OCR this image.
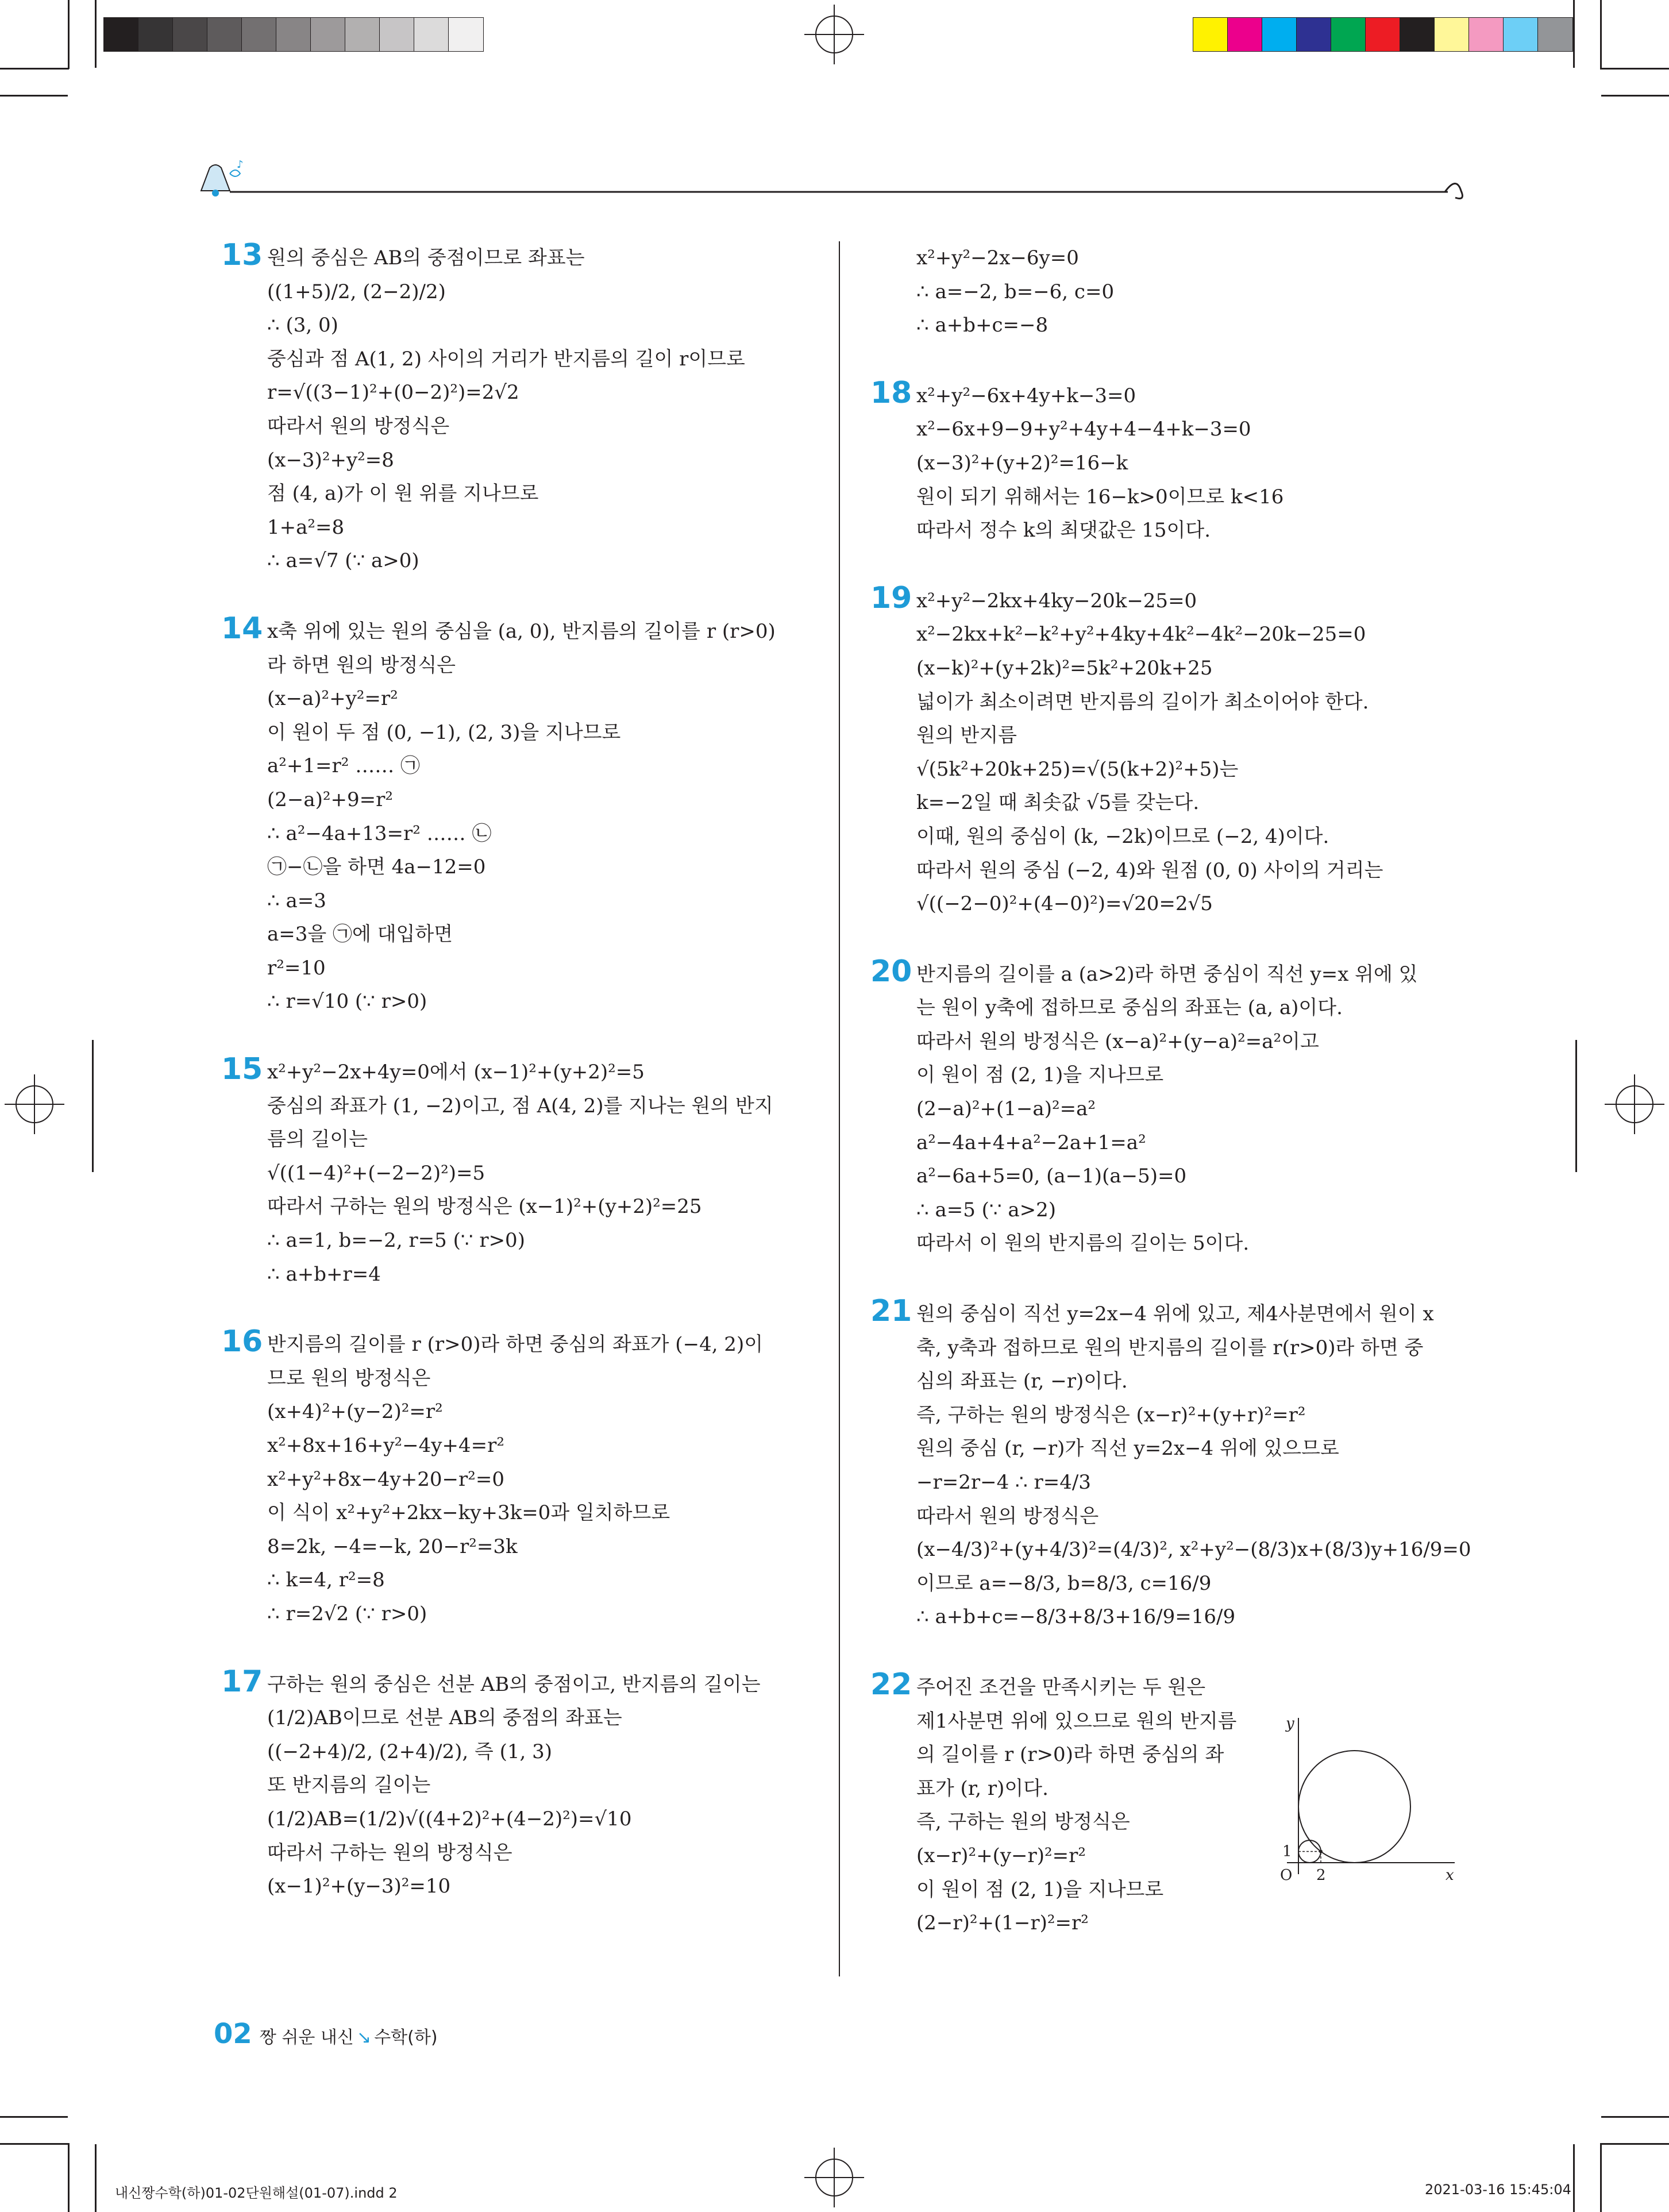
♪
13 원의 중심은 AB의 중점이므로 좌표는
((1+5)/2, (2−2)/2)
∴ (3, 0)
중심과 점 A(1, 2) 사이의 거리가 반지름의 길이 r이므로
r=√((3−1)²+(0−2)²)=2√2
따라서 원의 방정식은
(x−3)²+y²=8
점 (4, a)가 이 원 위를 지나므로
1+a²=8
∴ a=√7 (∵ a>0)
14 x축 위에 있는 원의 중심을 (a, 0), 반지름의 길이를 r (r>0)
라 하면 원의 방정식은
(x−a)²+y²=r²
이 원이 두 점 (0, −1), (2, 3)을 지나므로
a²+1=r² …… ㉠
(2−a)²+9=r²
∴ a²−4a+13=r² …… ㉡
㉠−㉡을 하면 4a−12=0
∴ a=3
a=3을 ㉠에 대입하면
r²=10
∴ r=√10 (∵ r>0)
15 x²+y²−2x+4y=0에서 (x−1)²+(y+2)²=5
중심의 좌표가 (1, −2)이고, 점 A(4, 2)를 지나는 원의 반지
름의 길이는
√((1−4)²+(−2−2)²)=5
따라서 구하는 원의 방정식은 (x−1)²+(y+2)²=25
∴ a=1, b=−2, r=5 (∵ r>0)
∴ a+b+r=4
16 반지름의 길이를 r (r>0)라 하면 중심의 좌표가 (−4, 2)이
므로 원의 방정식은
(x+4)²+(y−2)²=r²
x²+8x+16+y²−4y+4=r²
x²+y²+8x−4y+20−r²=0
이 식이 x²+y²+2kx−ky+3k=0과 일치하므로
8=2k, −4=−k, 20−r²=3k
∴ k=4, r²=8
∴ r=2√2 (∵ r>0)
17 구하는 원의 중심은 선분 AB의 중점이고, 반지름의 길이는
(1/2)AB이므로 선분 AB의 중점의 좌표는
((−2+4)/2, (2+4)/2), 즉 (1, 3)
또 반지름의 길이는
(1/2)AB=(1/2)√((4+2)²+(4−2)²)=√10
따라서 구하는 원의 방정식은
(x−1)²+(y−3)²=10
x²+y²−2x−6y=0
∴ a=−2, b=−6, c=0
∴ a+b+c=−8
18 x²+y²−6x+4y+k−3=0
x²−6x+9−9+y²+4y+4−4+k−3=0
(x−3)²+(y+2)²=16−k
원이 되기 위해서는 16−k>0이므로 k<16
따라서 정수 k의 최댓값은 15이다.
19 x²+y²−2kx+4ky−20k−25=0
x²−2kx+k²−k²+y²+4ky+4k²−4k²−20k−25=0
(x−k)²+(y+2k)²=5k²+20k+25
넓이가 최소이려면 반지름의 길이가 최소이어야 한다.
원의 반지름
√(5k²+20k+25)=√(5(k+2)²+5)는
k=−2일 때 최솟값 √5를 갖는다.
이때, 원의 중심이 (k, −2k)이므로 (−2, 4)이다.
따라서 원의 중심 (−2, 4)와 원점 (0, 0) 사이의 거리는
√((−2−0)²+(4−0)²)=√20=2√5
20 반지름의 길이를 a (a>2)라 하면 중심이 직선 y=x 위에 있
는 원이 y축에 접하므로 중심의 좌표는 (a, a)이다.
따라서 원의 방정식은 (x−a)²+(y−a)²=a²이고
이 원이 점 (2, 1)을 지나므로
(2−a)²+(1−a)²=a²
a²−4a+4+a²−2a+1=a²
a²−6a+5=0, (a−1)(a−5)=0
∴ a=5 (∵ a>2)
따라서 이 원의 반지름의 길이는 5이다.
21 원의 중심이 직선 y=2x−4 위에 있고, 제4사분면에서 원이 x
축, y축과 접하므로 원의 반지름의 길이를 r(r>0)라 하면 중
심의 좌표는 (r, −r)이다.
즉, 구하는 원의 방정식은 (x−r)²+(y+r)²=r²
원의 중심 (r, −r)가 직선 y=2x−4 위에 있으므로
−r=2r−4 ∴ r=4/3
따라서 원의 방정식은
(x−4/3)²+(y+4/3)²=(4/3)², x²+y²−(8/3)x+(8/3)y+16/9=0
이므로 a=−8/3, b=8/3, c=16/9
∴ a+b+c=−8/3+8/3+16/9=16/9
22 주어진 조건을 만족시키는 두 원은
제1사분면 위에 있으므로 원의 반지름
의 길이를 r (r>0)라 하면 중심의 좌
표가 (r, r)이다.
즉, 구하는 원의 방정식은
(x−r)²+(y−r)²=r²
이 원이 점 (2, 1)을 지나므로
(2−r)²+(1−r)²=r²
y
x
O 2
1
02 짱 쉬운 내신 ↘ 수학(하)
내신짱수학(하)01-02단원해설(01-07).indd 2	2021-03-16 15:45:04
